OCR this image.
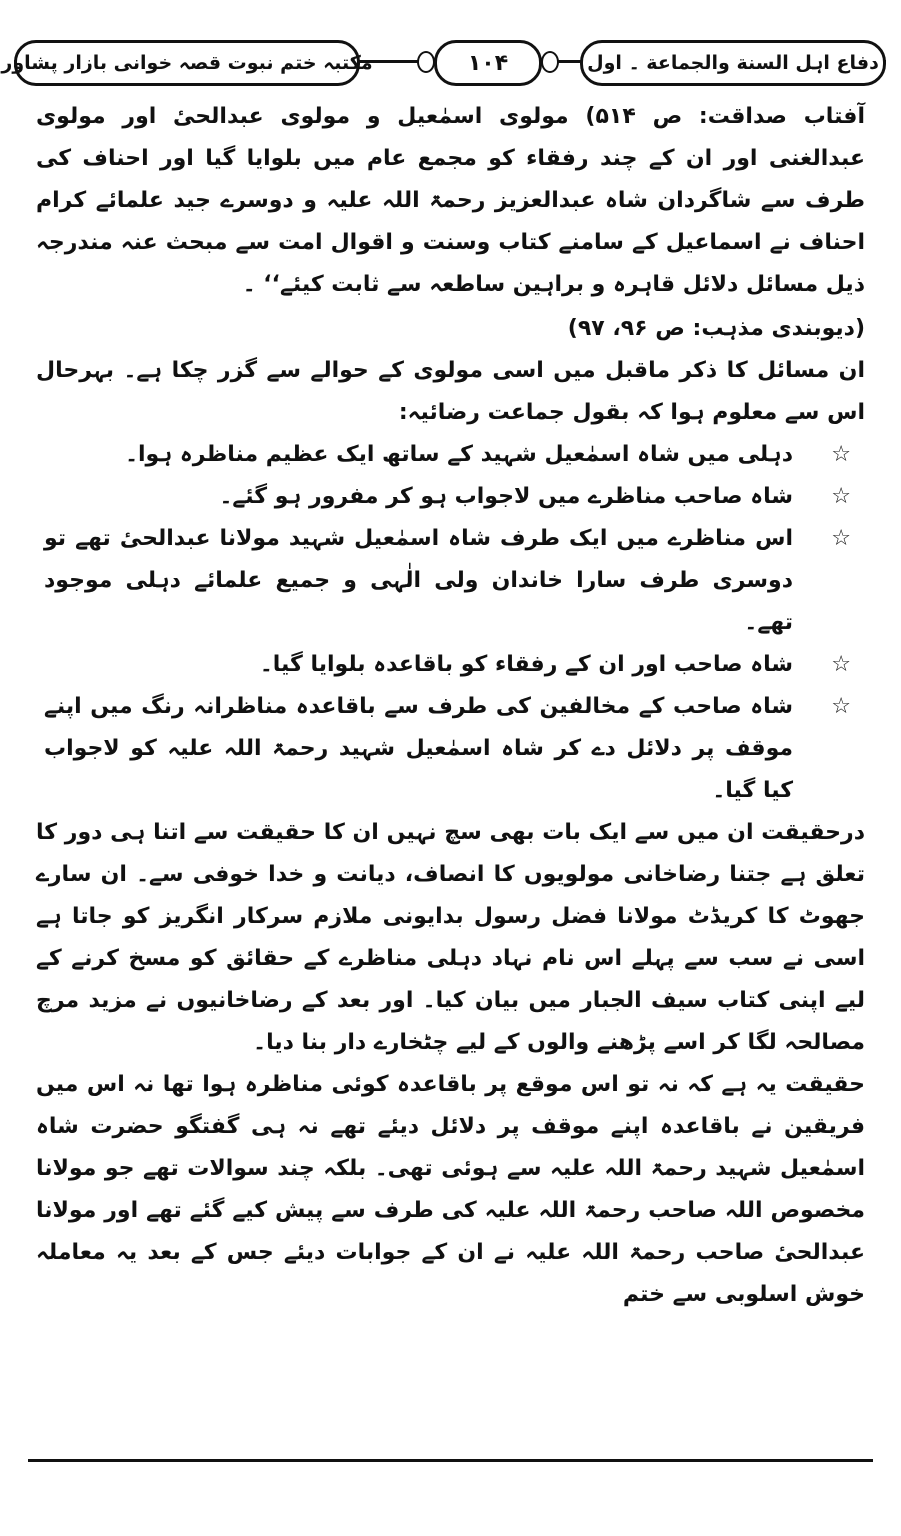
مکتبہ ختم نبوت قصہ خوانی بازار پشاور	۱۰۴	دفاع اہل السنة والجماعة ۔ اول

آفتاب صداقت: ص ۵۱۴) مولوی اسمٰعیل و مولوی عبدالحیٔ اور مولوی عبدالغنی اور ان کے چند رفقاء کو مجمع عام میں بلوایا گیا اور احناف کی طرف سے شاگردان شاہ عبدالعزیز رحمۃ اللہ علیہ و دوسرے جید علمائے کرام احناف نے اسماعیل کے سامنے کتاب وسنت و اقوال امت سے مبحث عنہ مندرجہ ذیل مسائل دلائل قاہرہ و براہین ساطعہ سے ثابت کیئے‘‘ ۔

(دیوبندی مذہب: ص ۹۶، ۹۷)

ان مسائل کا ذکر ماقبل میں اسی مولوی کے حوالے سے گزر چکا ہے۔ بہرحال اس سے معلوم ہوا کہ بقول جماعت رضائیہ:

☆
دہلی میں شاہ اسمٰعیل شہید کے ساتھ ایک عظیم مناظرہ ہوا۔
☆
شاہ صاحب مناظرے میں لاجواب ہو کر مفرور ہو گئے۔
☆
اس مناظرے میں ایک طرف شاہ اسمٰعیل شہید مولانا عبدالحیٔ تھے تو دوسری طرف سارا خاندان ولی الٰہی و جمیع علمائے دہلی موجود تھے۔
☆
شاہ صاحب اور ان کے رفقاء کو باقاعدہ بلوایا گیا۔
☆
شاہ صاحب کے مخالفین کی طرف سے باقاعدہ مناظرانہ رنگ میں اپنے موقف پر دلائل دے کر شاہ اسمٰعیل شہید رحمۃ اللہ علیہ کو لاجواب کیا گیا۔

درحقیقت ان میں سے ایک بات بھی سچ نہیں ان کا حقیقت سے اتنا ہی دور کا تعلق ہے جتنا رضاخانی مولویوں کا انصاف، دیانت و خدا خوفی سے۔ ان سارے جھوٹ کا کریڈٹ مولانا فضل رسول بدایونی ملازم سرکار انگریز کو جاتا ہے اسی نے سب سے پہلے اس نام نہاد دہلی مناظرے کے حقائق کو مسخ کرنے کے لیے اپنی کتاب سیف الجبار میں بیان کیا۔ اور بعد کے رضاخانیوں نے مزید مرچ مصالحہ لگا کر اسے پڑھنے والوں کے لیے چٹخارے دار بنا دیا۔

حقیقت یہ ہے کہ نہ تو اس موقع پر باقاعدہ کوئی مناظرہ ہوا تھا نہ اس میں فریقین نے باقاعدہ اپنے موقف پر دلائل دیئے تھے نہ ہی گفتگو حضرت شاہ اسمٰعیل شہید رحمۃ اللہ علیہ سے ہوئی تھی۔ بلکہ چند سوالات تھے جو مولانا مخصوص اللہ صاحب رحمۃ اللہ علیہ کی طرف سے پیش کیے گئے تھے اور مولانا عبدالحیٔ صاحب رحمۃ اللہ علیہ نے ان کے جوابات دیئے جس کے بعد یہ معاملہ خوش اسلوبی سے ختم
